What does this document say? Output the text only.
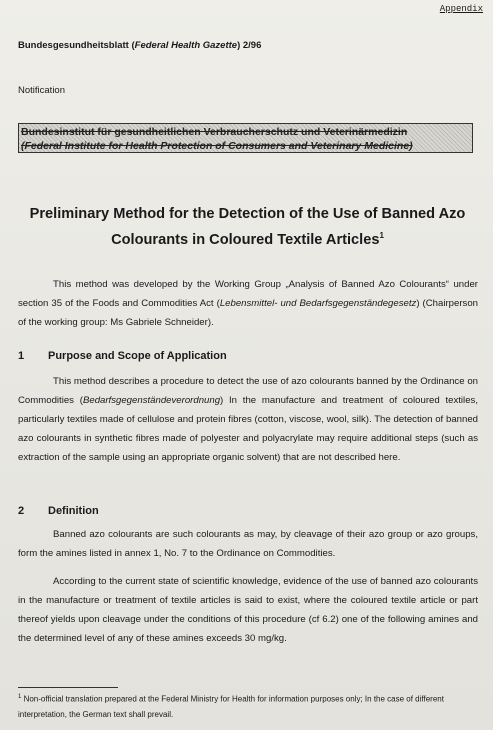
Appendix
Bundesgesundheitsblatt (Federal Health Gazette) 2/96
Notification
Bundesinstitut für gesundheitlichen Verbraucherschutz und Veterinärmedizin
(Federal Institute for Health Protection of Consumers and Veterinary Medicine)
Preliminary Method for the Detection of the Use of Banned Azo
Colourants in Coloured Textile Articles$^1$
This method was developed by the Working Group „Analysis of Banned Azo Colourants“ under section 35 of the Foods and Commodities Act (Lebensmittel- und Bedarfsgegenständegesetz) (Chairperson of the working group: Ms Gabriele Schneider).
1 Purpose and Scope of Application
This method describes a procedure to detect the use of azo colourants banned by the Ordinance on Commodities (Bedarfsgegenständeverordnung) In the manufacture and treatment of coloured textiles, particularly textiles made of cellulose and protein fibres (cotton, viscose, wool, silk). The detection of banned azo colourants in synthetic fibres made of polyester and polyacrylate may require additional steps (such as extraction of the sample using an appropriate organic solvent) that are not described here.
2 Definition
Banned azo colourants are such colourants as may, by cleavage of their azo group or azo groups, form the amines listed in annex 1, No. 7 to the Ordinance on Commodities.
According to the current state of scientific knowledge, evidence of the use of banned azo colourants in the manufacture or treatment of textile articles is said to exist, where the coloured textile article or part thereof yields upon cleavage under the conditions of this procedure (cf 6.2) one of the following amines and the determined level of any of these amines exceeds 30 mg/kg.
$^1$ Non-official translation prepared at the Federal Ministry for Health for information purposes only; In the case of different interpretation, the German text shall prevail.
